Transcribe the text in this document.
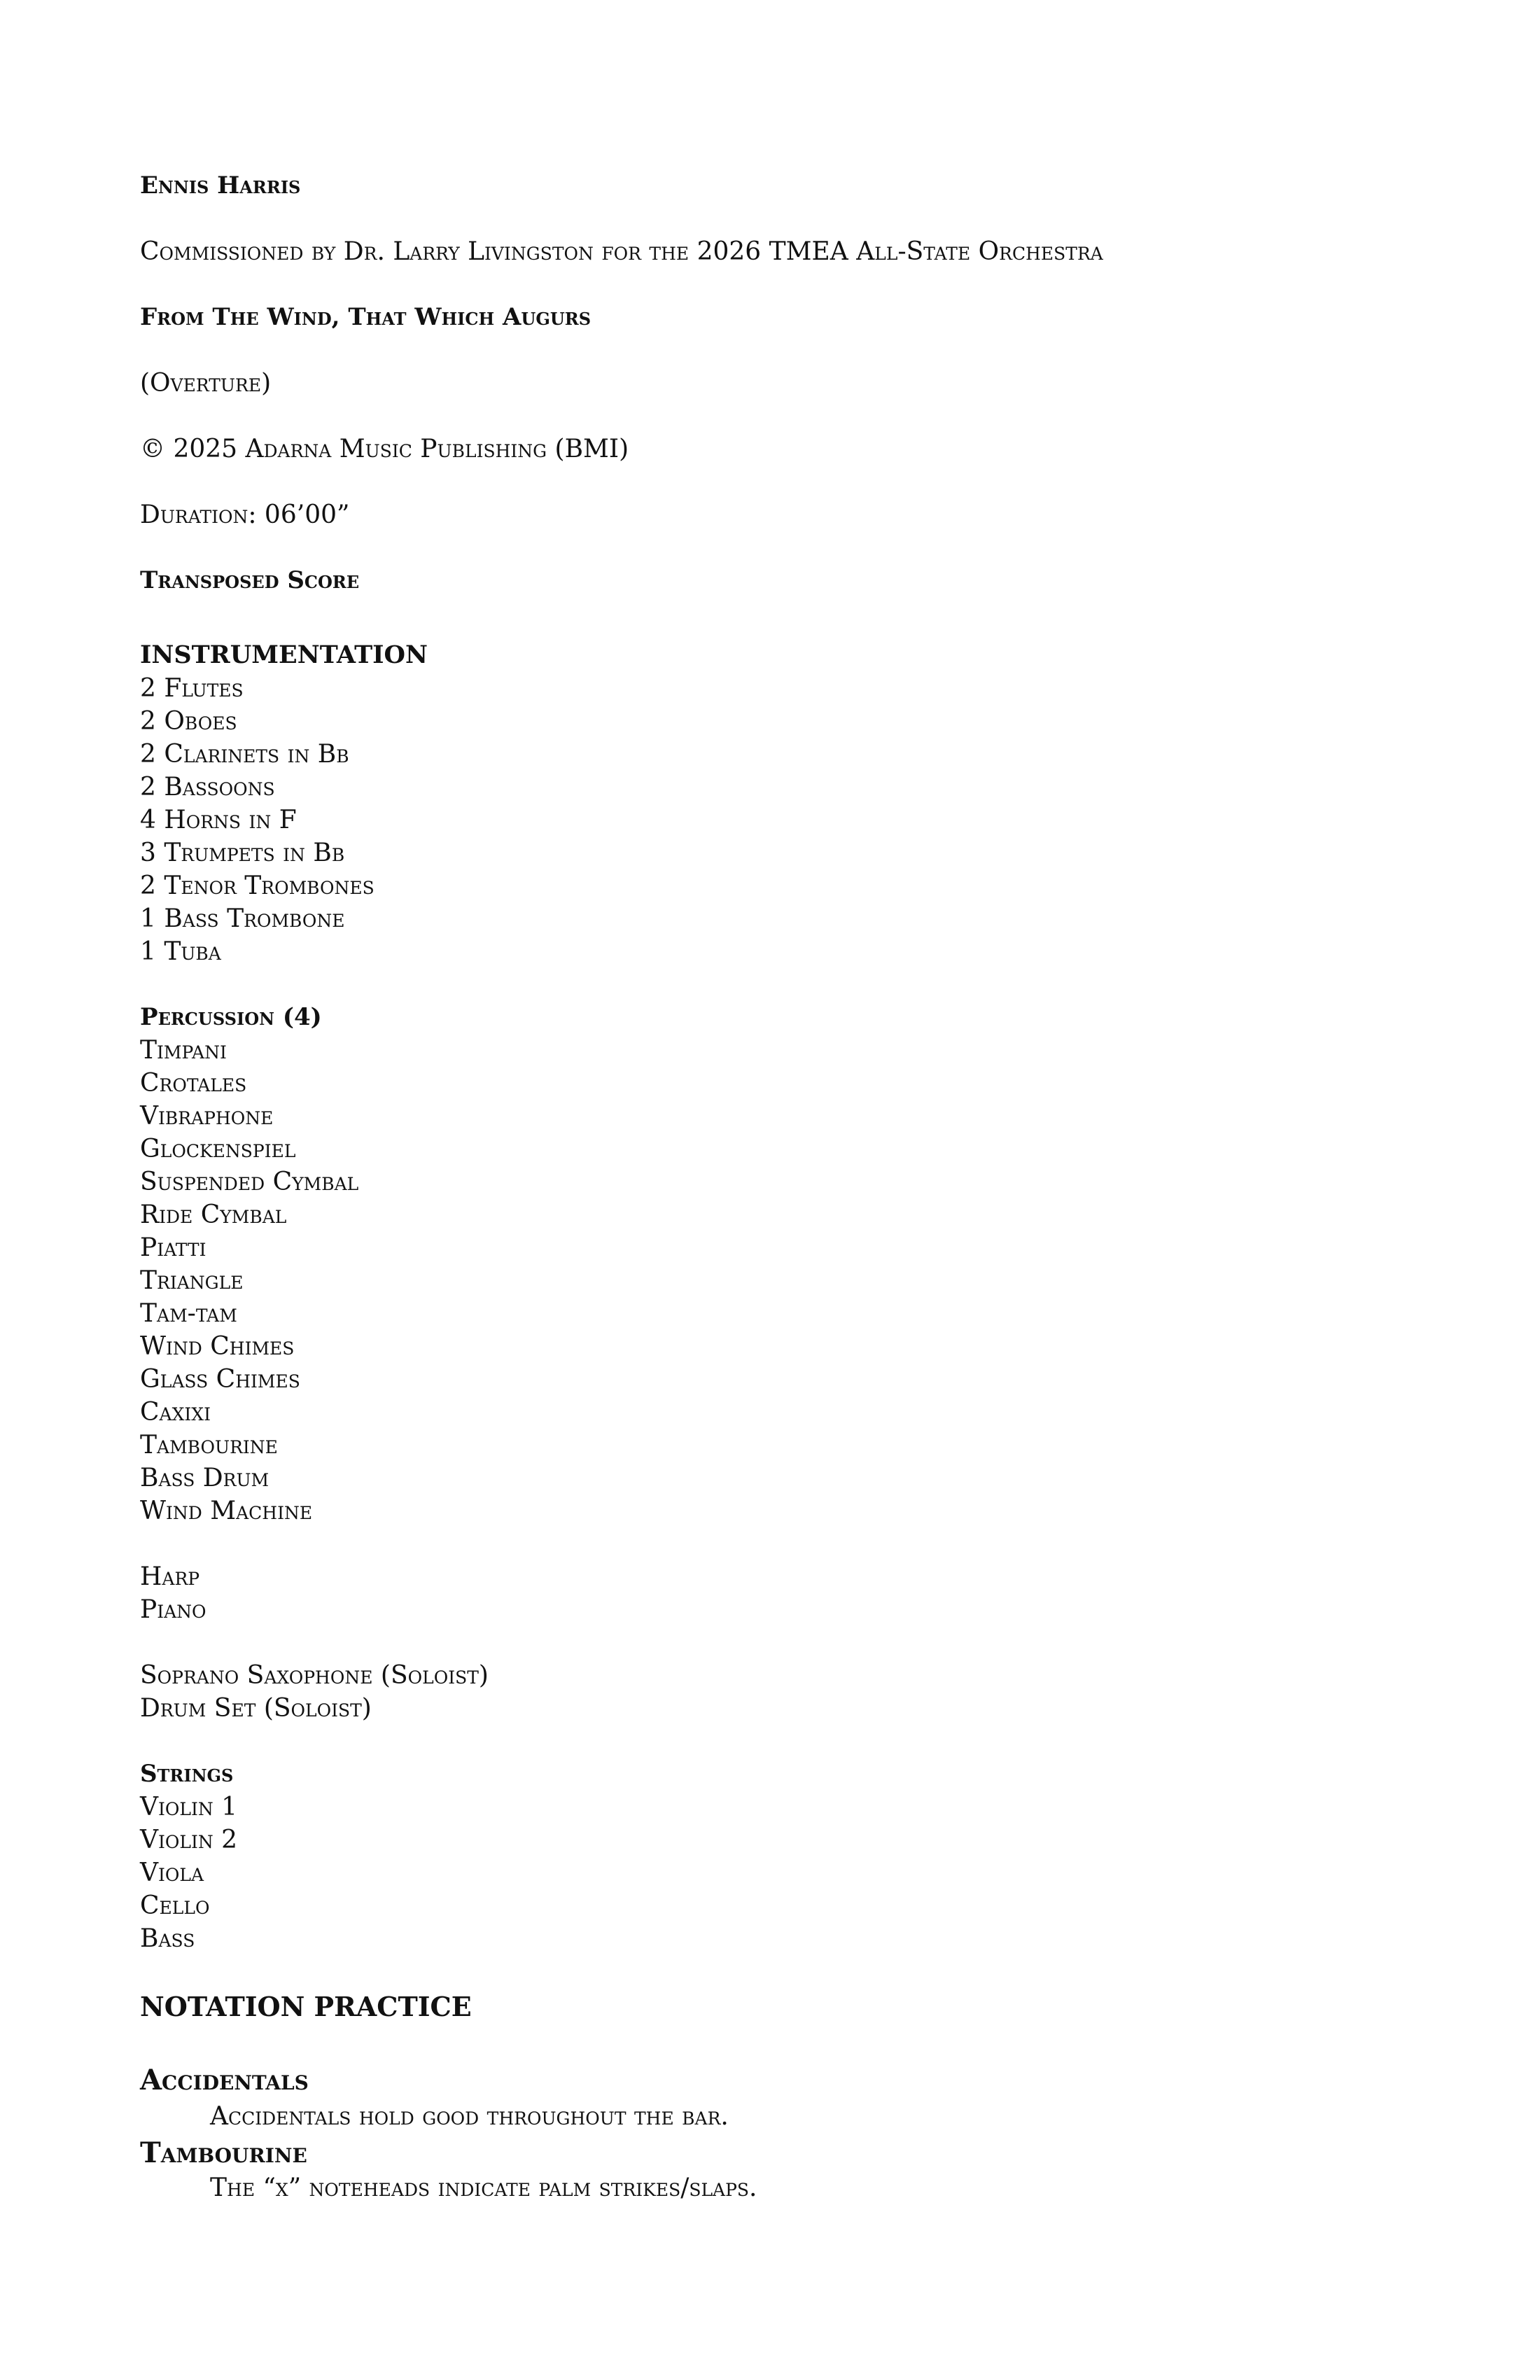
Ennis Harris
Commissioned by Dr. Larry Livingston for the 2026 TMEA All-State Orchestra
From The Wind, That Which Augurs
(Overture)
© 2025 Adarna Music Publishing (BMI)
Duration: 06’00”
Transposed Score
INSTRUMENTATION
2 Flutes
2 Oboes
2 Clarinets in Bb
2 Bassoons
4 Horns in F
3 Trumpets in Bb
2 Tenor Trombones
1 Bass Trombone
1 Tuba
Percussion (4)
Timpani
Crotales
Vibraphone
Glockenspiel
Suspended Cymbal
Ride Cymbal
Piatti
Triangle
Tam-tam
Wind Chimes
Glass Chimes
Caxixi
Tambourine
Bass Drum
Wind Machine
Harp
Piano
Soprano Saxophone (Soloist)
Drum Set (Soloist)
Strings
Violin 1
Violin 2
Viola
Cello
Bass
NOTATION PRACTICE
Accidentals
Accidentals hold good throughout the bar.
Tambourine
The “x” noteheads indicate palm strikes/slaps.
